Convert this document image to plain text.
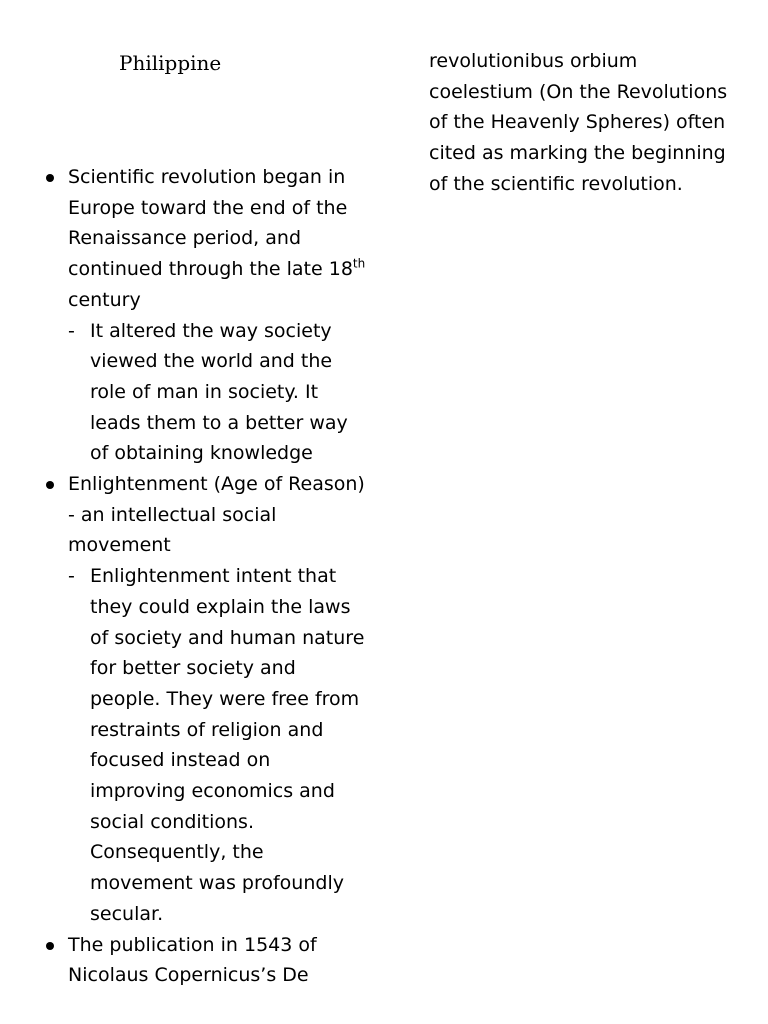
Philippine
Scientific revolution began in Europe toward the end of the Renaissance period, and continued through the late 18th century
- It altered the way society viewed the world and the role of man in society. It leads them to a better way of obtaining knowledge
Enlightenment (Age of Reason) - an intellectual social movement
- Enlightenment intent that they could explain the laws of society and human nature for better society and people. They were free from restraints of religion and focused instead on improving economics and social conditions. Consequently, the movement was profoundly secular.
The publication in 1543 of Nicolaus Copernicus’s De

revolutionibus orbium coelestium (On the Revolutions of the Heavenly Spheres) often cited as marking the beginning of the scientific revolution.
